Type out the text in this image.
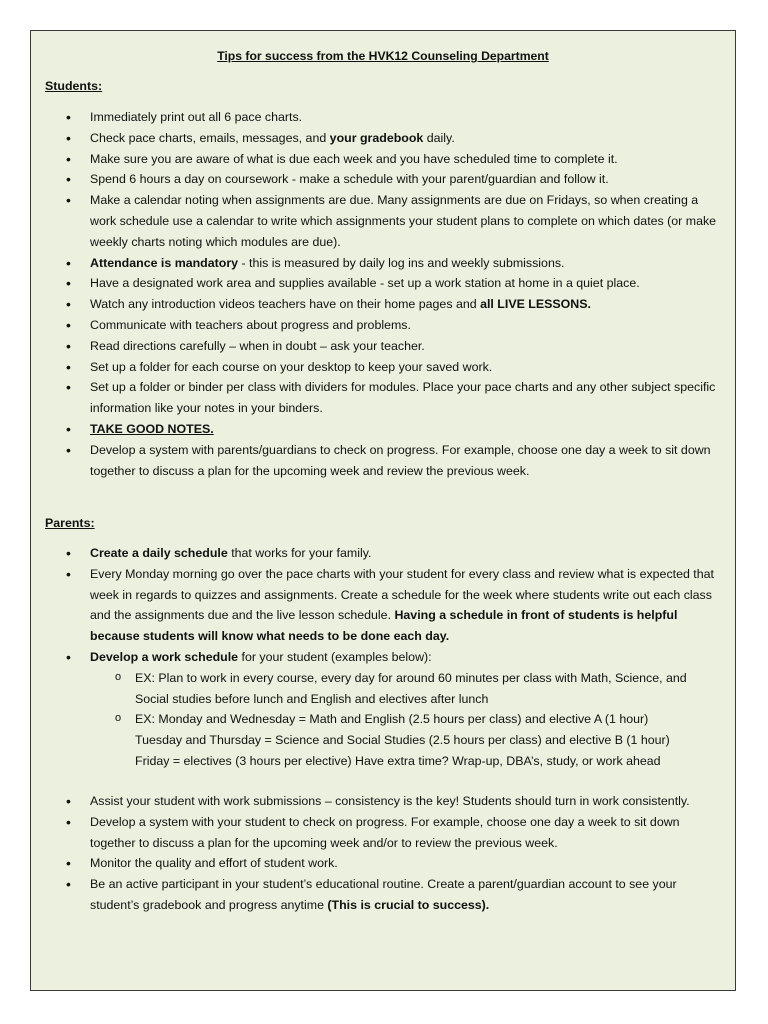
Tips for success from the HVK12 Counseling Department
Students:
• Immediately print out all 6 pace charts.
• Check pace charts, emails, messages, and your gradebook daily.
• Make sure you are aware of what is due each week and you have scheduled time to complete it.
• Spend 6 hours a day on coursework - make a schedule with your parent/guardian and follow it.
• Make a calendar noting when assignments are due. Many assignments are due on Fridays, so when creating a work schedule use a calendar to write which assignments your student plans to complete on which dates (or make weekly charts noting which modules are due).
• Attendance is mandatory - this is measured by daily log ins and weekly submissions.
• Have a designated work area and supplies available - set up a work station at home in a quiet place.
• Watch any introduction videos teachers have on their home pages and all LIVE LESSONS.
• Communicate with teachers about progress and problems.
• Read directions carefully – when in doubt – ask your teacher.
• Set up a folder for each course on your desktop to keep your saved work.
• Set up a folder or binder per class with dividers for modules. Place your pace charts and any other subject specific information like your notes in your binders.
• TAKE GOOD NOTES.
• Develop a system with parents/guardians to check on progress. For example, choose one day a week to sit down together to discuss a plan for the upcoming week and review the previous week.
Parents:
• Create a daily schedule that works for your family.
• Every Monday morning go over the pace charts with your student for every class and review what is expected that week in regards to quizzes and assignments. Create a schedule for the week where students write out each class and the assignments due and the live lesson schedule. Having a schedule in front of students is helpful because students will know what needs to be done each day.
• Develop a work schedule for your student (examples below):
o EX: Plan to work in every course, every day for around 60 minutes per class with Math, Science, and Social studies before lunch and English and electives after lunch
o EX: Monday and Wednesday = Math and English (2.5 hours per class) and elective A (1 hour)
Tuesday and Thursday = Science and Social Studies (2.5 hours per class) and elective B (1 hour)
Friday = electives (3 hours per elective) Have extra time? Wrap-up, DBA’s, study, or work ahead
• Assist your student with work submissions – consistency is the key! Students should turn in work consistently.
• Develop a system with your student to check on progress. For example, choose one day a week to sit down together to discuss a plan for the upcoming week and/or to review the previous week.
• Monitor the quality and effort of student work.
• Be an active participant in your student’s educational routine. Create a parent/guardian account to see your student’s gradebook and progress anytime (This is crucial to success).
